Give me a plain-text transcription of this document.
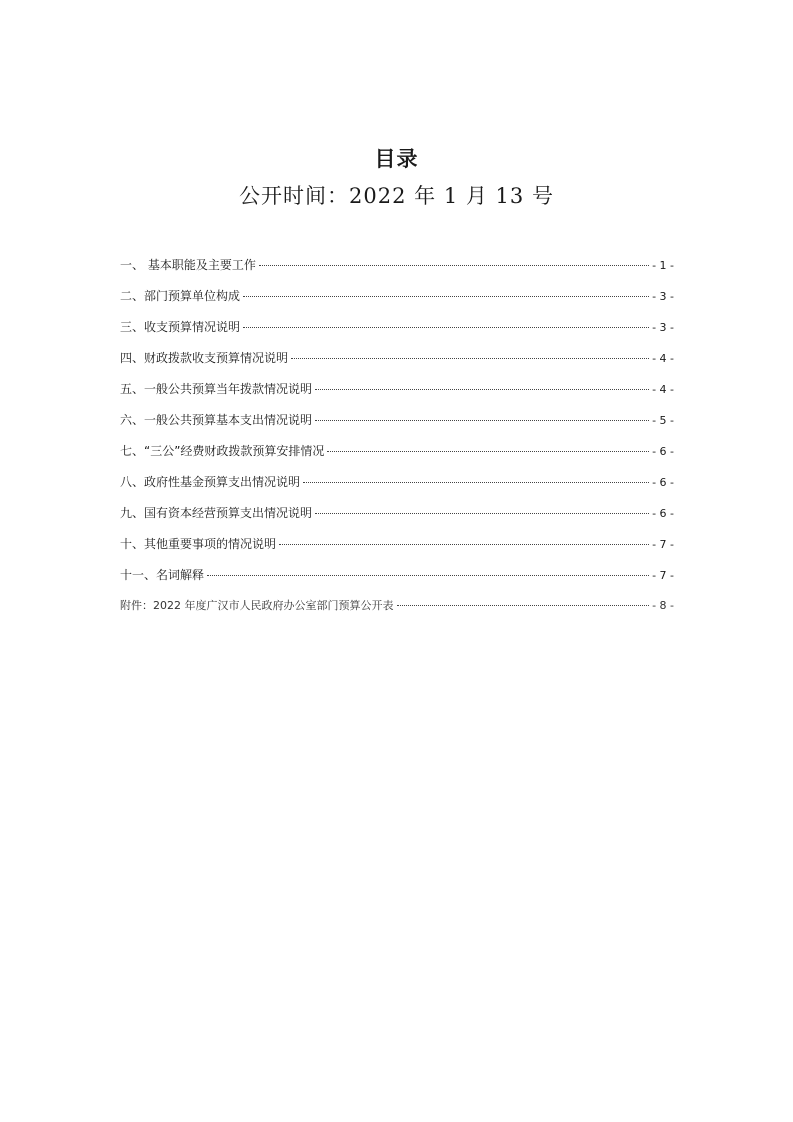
目录
公开时间：2022 年 1 月 13 号
一、 基本职能及主要工作	- 1 -
二、部门预算单位构成	- 3 -
三、收支预算情况说明	- 3 -
四、财政拨款收支预算情况说明	- 4 -
五、一般公共预算当年拨款情况说明	- 4 -
六、一般公共预算基本支出情况说明	- 5 -
七、“三公”经费财政拨款预算安排情况	- 6 -
八、政府性基金预算支出情况说明	- 6 -
九、国有资本经营预算支出情况说明	- 6 -
十、其他重要事项的情况说明	- 7 -
十一、名词解释	- 7 -
附件：2022 年度广汉市人民政府办公室部门预算公开表	- 8 -
